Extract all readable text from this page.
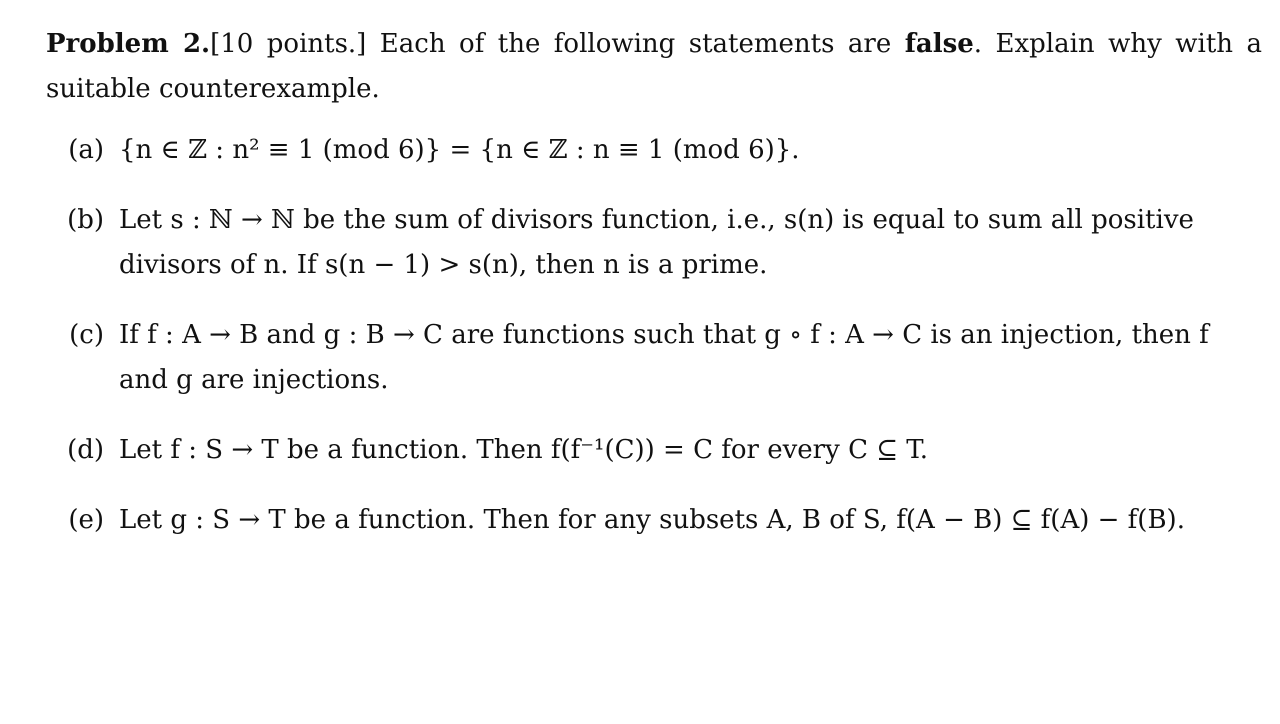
Problem 2.[10 points.] Each of the following statements are false. Explain why with a suitable counterexample.

(a) {n ∈ ℤ : n² ≡ 1 (mod 6)} = {n ∈ ℤ : n ≡ 1 (mod 6)}.
(b) Let s : ℕ → ℕ be the sum of divisors function, i.e., s(n) is equal to sum all positive divisors of n. If s(n − 1) > s(n), then n is a prime.
(c) If f : A → B and g : B → C are functions such that g ∘ f : A → C is an injection, then f and g are injections.
(d) Let f : S → T be a function. Then f(f⁻¹(C)) = C for every C ⊆ T.
(e) Let g : S → T be a function. Then for any subsets A, B of S, f(A − B) ⊆ f(A) − f(B).
